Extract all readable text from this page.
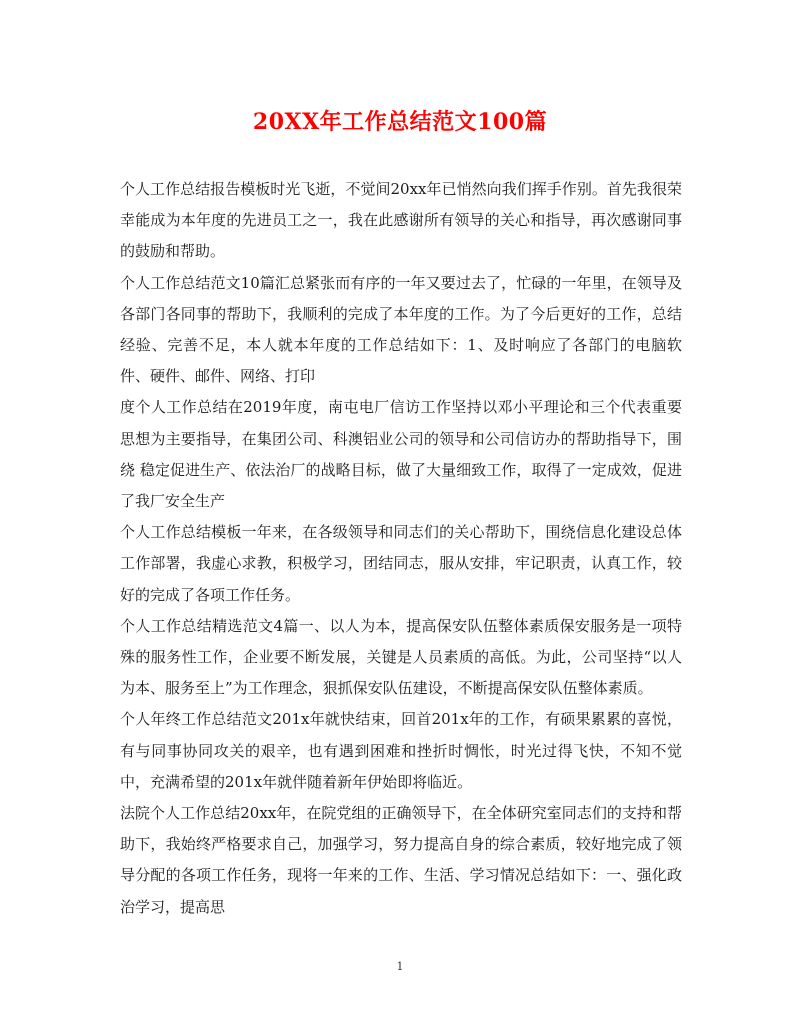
20XX年工作总结范文100篇

个人工作总结报告模板时光飞逝，不觉间20xx年已悄然向我们挥手作别。首先我很荣幸能成为本年度的先进员工之一，我在此感谢所有领导的关心和指导，再次感谢同事的鼓励和帮助。

个人工作总结范文10篇汇总紧张而有序的一年又要过去了，忙碌的一年里，在领导及各部门各同事的帮助下，我顺利的完成了本年度的工作。为了今后更好的工作，总结经验、完善不足，本人就本年度的工作总结如下：1、及时响应了各部门的电脑软件、硬件、邮件、网络、打印

度个人工作总结在2019年度，南屯电厂信访工作坚持以邓小平理论和三个代表重要思想为主要指导，在集团公司、科澳铝业公司的领导和公司信访办的帮助指导下，围绕 稳定促进生产、依法治厂的战略目标，做了大量细致工作，取得了一定成效，促进了我厂安全生产

个人工作总结模板一年来，在各级领导和同志们的关心帮助下，围绕信息化建设总体工作部署，我虚心求教，积极学习，团结同志，服从安排，牢记职责，认真工作，较好的完成了各项工作任务。

个人工作总结精选范文4篇一、以人为本，提高保安队伍整体素质保安服务是一项特殊的服务性工作，企业要不断发展，关键是人员素质的高低。为此，公司坚持“以人为本、服务至上”为工作理念，狠抓保安队伍建设，不断提高保安队伍整体素质。

个人年终工作总结范文201x年就快结束，回首201x年的工作，有硕果累累的喜悦，有与同事协同攻关的艰辛，也有遇到困难和挫折时惆怅，时光过得飞快，不知不觉中，充满希望的201x年就伴随着新年伊始即将临近。

法院个人工作总结20xx年，在院党组的正确领导下，在全体研究室同志们的支持和帮助下，我始终严格要求自己，加强学习，努力提高自身的综合素质，较好地完成了领导分配的各项工作任务，现将一年来的工作、生活、学习情况总结如下：一、强化政治学习，提高思

1
